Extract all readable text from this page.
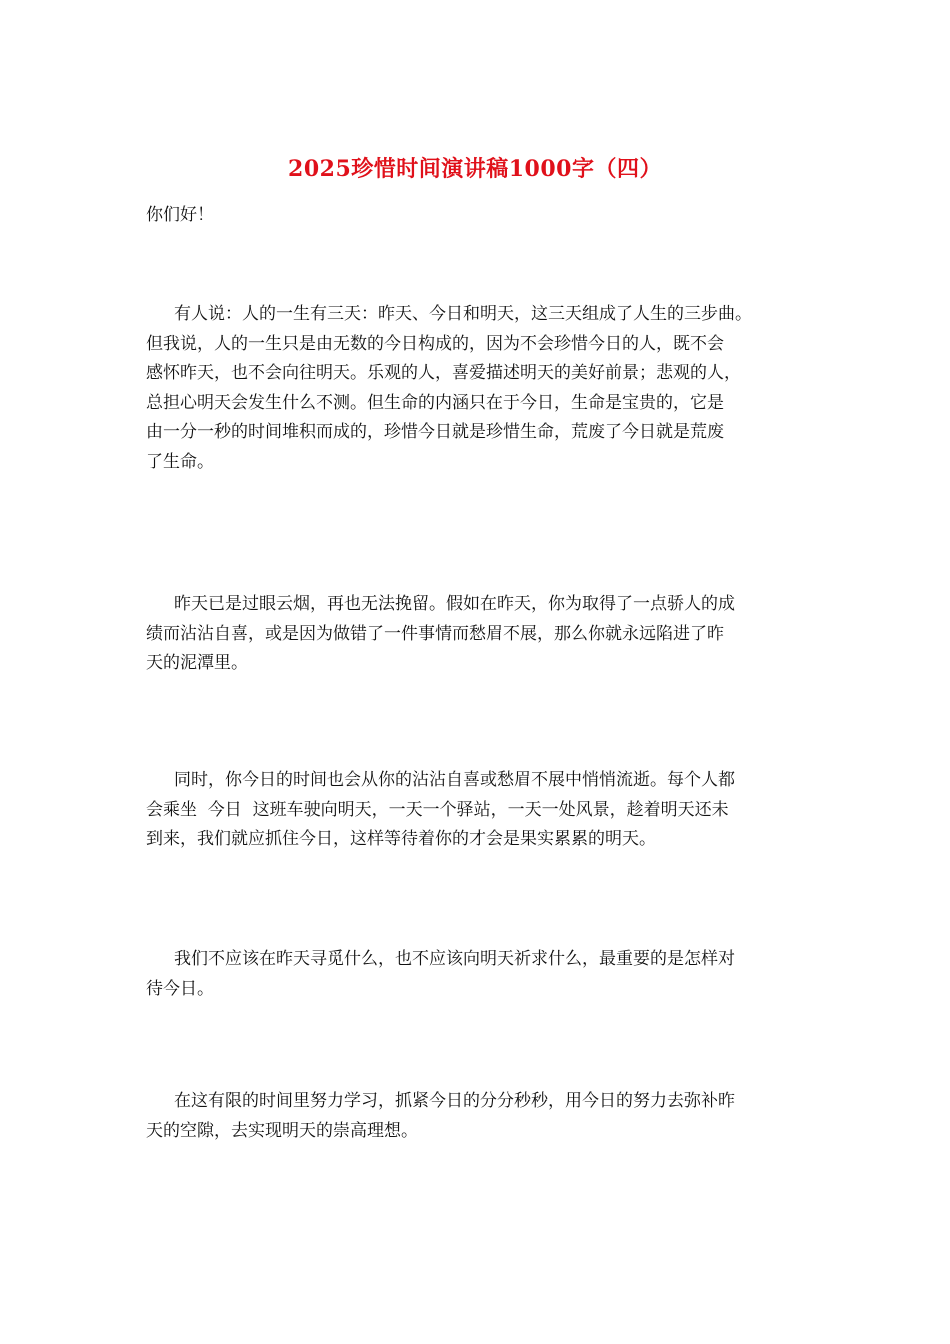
2025珍惜时间演讲稿1000字（四）
你们好！
有人说：人的一生有三天：昨天、今日和明天，这三天组成了人生的三步曲。
但我说，人的一生只是由无数的今日构成的，因为不会珍惜今日的人，既不会
感怀昨天，也不会向往明天。乐观的人，喜爱描述明天的美好前景；悲观的人，
总担心明天会发生什么不测。但生命的内涵只在于今日，生命是宝贵的，它是
由一分一秒的时间堆积而成的，珍惜今日就是珍惜生命，荒废了今日就是荒废
了生命。
昨天已是过眼云烟，再也无法挽留。假如在昨天，你为取得了一点骄人的成
绩而沾沾自喜，或是因为做错了一件事情而愁眉不展，那么你就永远陷进了昨
天的泥潭里。
同时，你今日的时间也会从你的沾沾自喜或愁眉不展中悄悄流逝。每个人都
会乘坐  今日  这班车驶向明天，一天一个驿站，一天一处风景，趁着明天还未
到来，我们就应抓住今日，这样等待着你的才会是果实累累的明天。
我们不应该在昨天寻觅什么，也不应该向明天祈求什么，最重要的是怎样对
待今日。
在这有限的时间里努力学习，抓紧今日的分分秒秒，用今日的努力去弥补昨
天的空隙，去实现明天的崇高理想。
